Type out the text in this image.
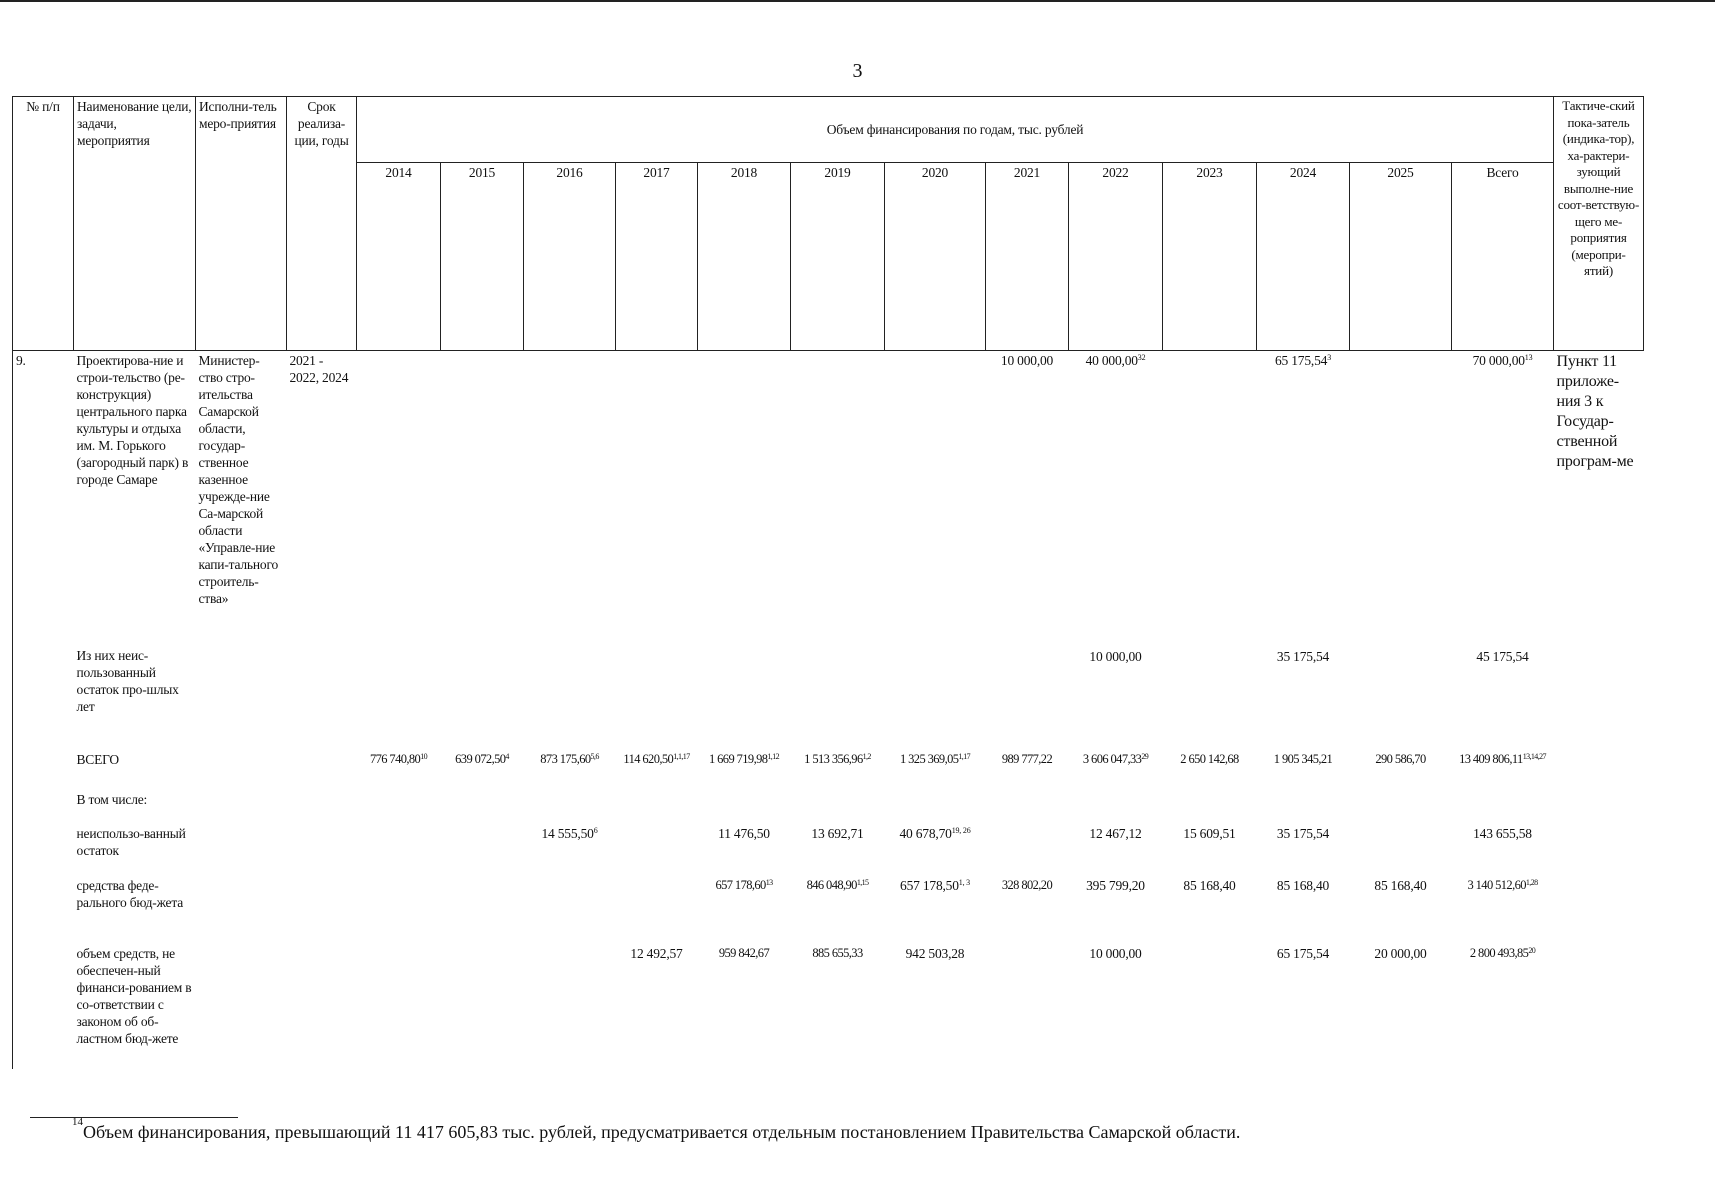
3
№ п/п	Наименование цели, задачи, мероприятия	Исполни-тель меро-приятия	Срок реализа-ции, годы	Объем финансирования по годам, тыс. рублей													Тактиче-ский пока-затель (индика-тор), ха-рактери-зующий выполне-ние соот-ветствую-щего ме-роприятия (меропри-ятий)
				2014	2015	2016	2017	2018	2019	2020	2021	2022	2023	2024	2025	Всего	
9.	Проектирова-ние и строи-тельство (ре-конструкция) центрального парка культуры и отдыха им. М. Горького (загородный парк) в городе Самаре	Министер-ство стро-ительства Самарской области, государ-ственное казенное учрежде-ние Са-марской области «Управле-ние капи-тального строитель-ства»	2021 - 2022, 2024								10 000,00	40 000,00$^{32}$		65 175,54$^3$		70 000,00$^{13}$	Пункт 11 приложе-ния 3 к Государ-ственной програм-ме
	Из них неис-пользованный остаток про-шлых лет											10 000,00		35 175,54		45 175,54	
	ВСЕГО			776 740,80$^{10}$	639 072,50$^4$	873 175,60$^{5,6}$	114 620,50$^{1,1,17}$	1 669 719,98$^{1,12}$	1 513 356,96$^{1,2}$	1 325 369,05$^{1,17}$	989 777,22	3 606 047,33$^{29}$	2 650 142,68	1 905 345,21	290 586,70	13 409 806,11$^{13,14,27}$	
	В том числе:																
	неиспользо-ванный остаток					14 555,50$^6$		11 476,50	13 692,71	40 678,70$^{19, 26}$		12 467,12	15 609,51	35 175,54		143 655,58	
	средства феде-рального бюд-жета							657 178,60$^{13}$	846 048,90$^{1,15}$	657 178,50$^{1, 3}$	328 802,20	395 799,20	85 168,40	85 168,40	85 168,40	3 140 512,60$^{1,28}$	
	объем средств, не обеспечен-ный финанси-рованием в со-ответствии с законом об об-ластном бюд-жете						12 492,57	959 842,67	885 655,33	942 503,28		10 000,00		65 175,54	20 000,00	2 800 493,85$^{20}$	
$^{14}$Объем финансирования, превышающий 11 417 605,83 тыс. рублей, предусматривается отдельным постановлением Правительства Самарской области.
